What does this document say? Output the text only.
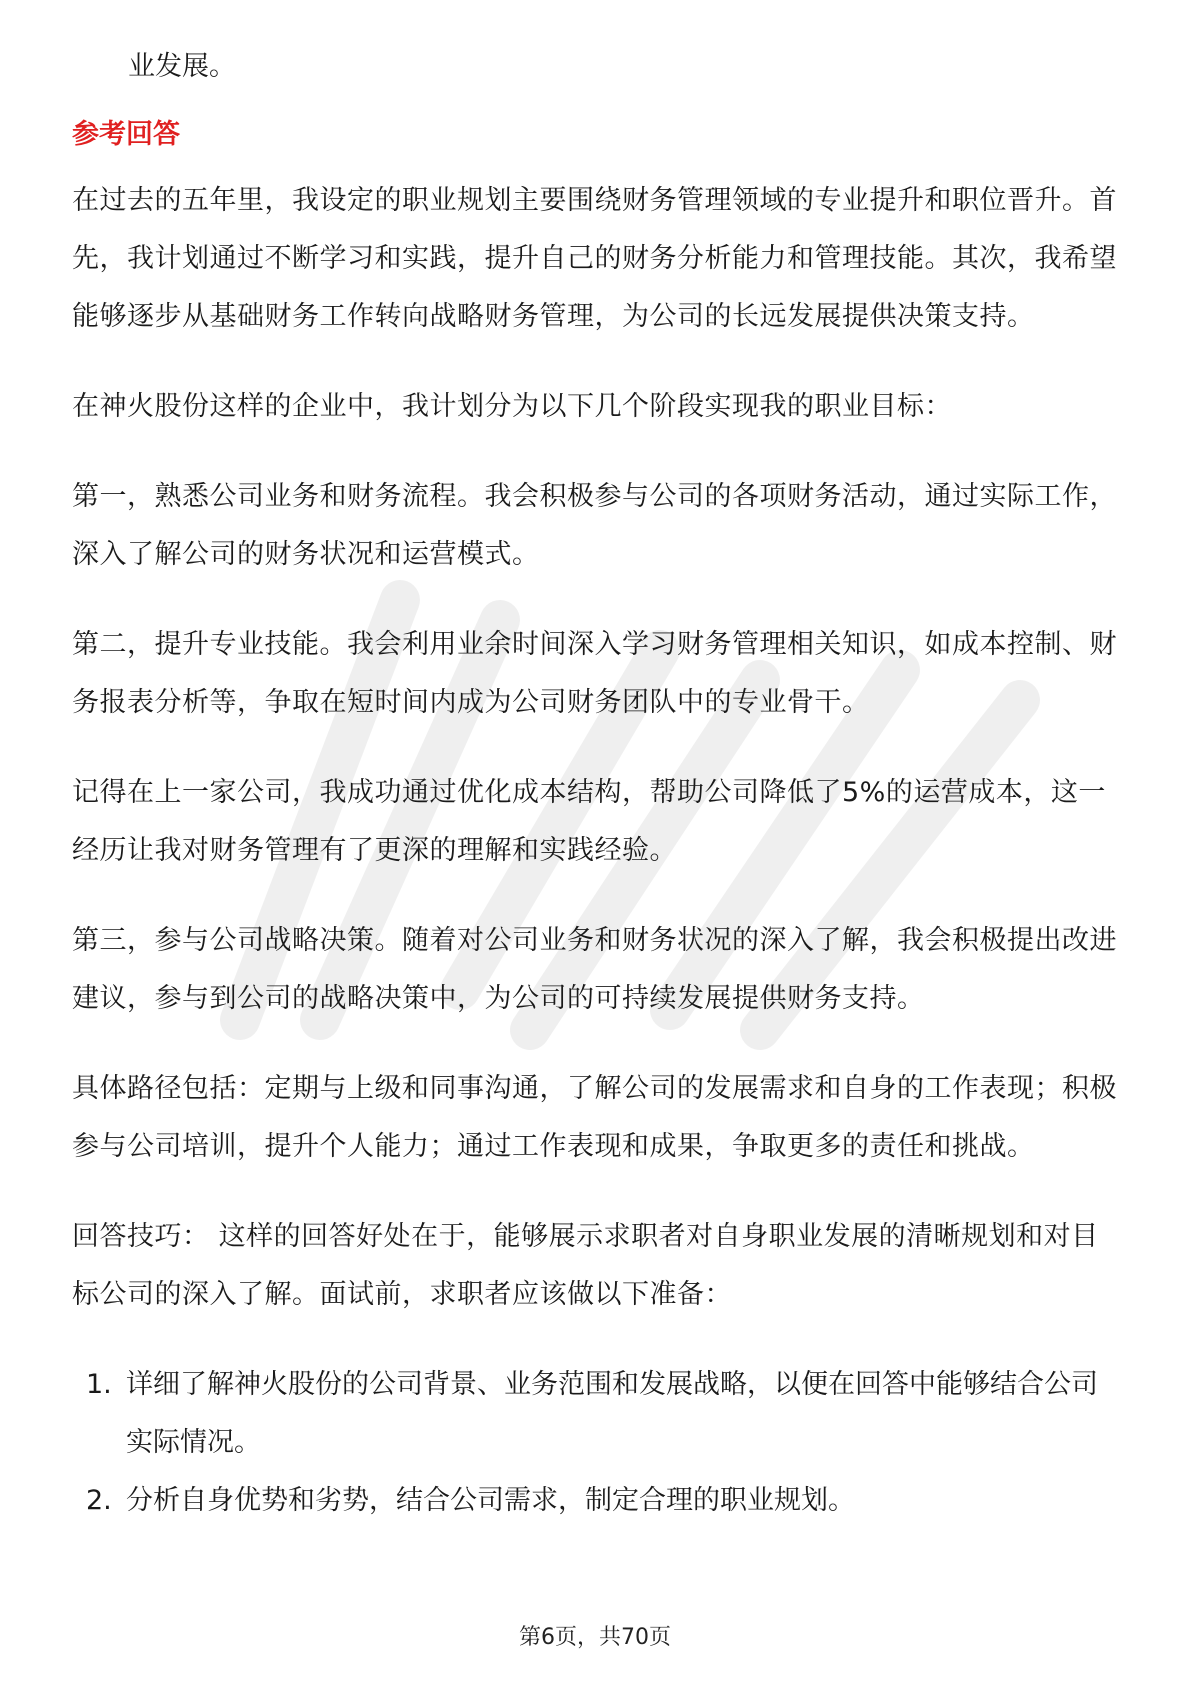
业发展。

参考回答

在过去的五年里，我设定的职业规划主要围绕财务管理领域的专业提升和职位晋升。首先，我计划通过不断学习和实践，提升自己的财务分析能力和管理技能。其次，我希望能够逐步从基础财务工作转向战略财务管理，为公司的长远发展提供决策支持。

在神火股份这样的企业中，我计划分为以下几个阶段实现我的职业目标：

第一，熟悉公司业务和财务流程。我会积极参与公司的各项财务活动，通过实际工作，深入了解公司的财务状况和运营模式。

第二，提升专业技能。我会利用业余时间深入学习财务管理相关知识，如成本控制、财务报表分析等，争取在短时间内成为公司财务团队中的专业骨干。

记得在上一家公司，我成功通过优化成本结构，帮助公司降低了5%的运营成本，这一经历让我对财务管理有了更深的理解和实践经验。

第三，参与公司战略决策。随着对公司业务和财务状况的深入了解，我会积极提出改进建议，参与到公司的战略决策中，为公司的可持续发展提供财务支持。

具体路径包括：定期与上级和同事沟通，了解公司的发展需求和自身的工作表现；积极参与公司培训，提升个人能力；通过工作表现和成果，争取更多的责任和挑战。

回答技巧： 这样的回答好处在于，能够展示求职者对自身职业发展的清晰规划和对目标公司的深入了解。面试前，求职者应该做以下准备：

1. 详细了解神火股份的公司背景、业务范围和发展战略，以便在回答中能够结合公司实际情况。
2. 分析自身优势和劣势，结合公司需求，制定合理的职业规划。
第6页，共70页
